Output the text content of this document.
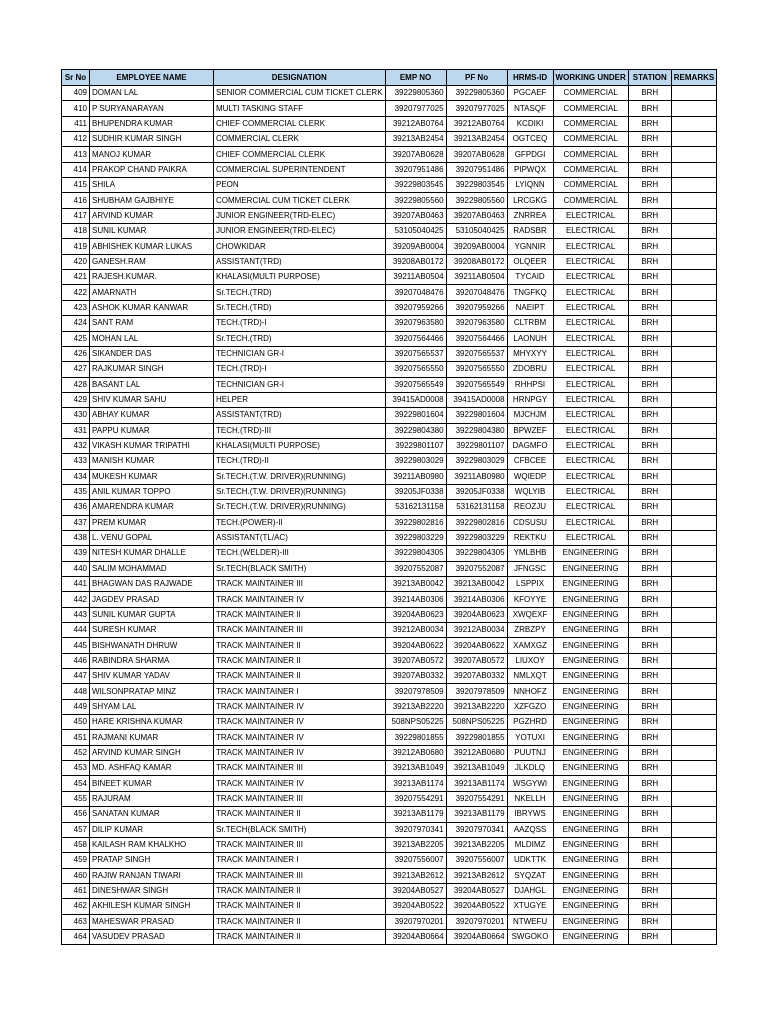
Sr No	EMPLOYEE NAME	DESIGNATION	EMP NO	PF No	HRMS-ID	WORKING UNDER	STATION	REMARKS
409	DOMAN LAL	SENIOR COMMERCIAL CUM TICKET CLERK	39229805360	39229805360	PGCAEF	COMMERCIAL	BRH	
410	P SURYANARAYAN	MULTI TASKING STAFF	39207977025	39207977025	NTASQF	COMMERCIAL	BRH	
411	BHUPENDRA KUMAR	CHIEF COMMERCIAL CLERK	39212AB0764	39212AB0764	KCDIKI	COMMERCIAL	BRH	
412	SUDHIR KUMAR SINGH	COMMERCIAL CLERK	39213AB2454	39213AB2454	OGTCEQ	COMMERCIAL	BRH	
413	MANOJ KUMAR	CHIEF COMMERCIAL CLERK	39207AB0628	39207AB0628	GFPDGI	COMMERCIAL	BRH	
414	PRAKOP CHAND PAIKRA	COMMERCIAL SUPERINTENDENT	39207951486	39207951486	PIPWQX	COMMERCIAL	BRH	
415	SHILA	PEON	39229803545	39229803545	LYIQNN	COMMERCIAL	BRH	
416	SHUBHAM GAJBHIYE	COMMERCIAL CUM TICKET CLERK	39229805560	39229805560	LRCGKG	COMMERCIAL	BRH	
417	ARVIND KUMAR	JUNIOR ENGINEER(TRD-ELEC)	39207AB0463	39207AB0463	ZNRREA	ELECTRICAL	BRH	
418	SUNIL KUMAR	JUNIOR ENGINEER(TRD-ELEC)	53105040425	53105040425	RADSBR	ELECTRICAL	BRH	
419	ABHISHEK KUMAR LUKAS	CHOWKIDAR	39209AB0004	39209AB0004	YGNNIR	ELECTRICAL	BRH	
420	GANESH.RAM	ASSISTANT(TRD)	39208AB0172	39208AB0172	OLQEER	ELECTRICAL	BRH	
421	RAJESH.KUMAR.	KHALASI(MULTI PURPOSE)	39211AB0504	39211AB0504	TYCAID	ELECTRICAL	BRH	
422	AMARNATH	Sr.TECH.(TRD)	39207048476	39207048476	TNGFKQ	ELECTRICAL	BRH	
423	ASHOK KUMAR KANWAR	Sr.TECH.(TRD)	39207959266	39207959266	NAEIPT	ELECTRICAL	BRH	
424	SANT RAM	TECH.(TRD)-I	39207963580	39207963580	CLTRBM	ELECTRICAL	BRH	
425	MOHAN LAL	Sr.TECH.(TRD)	39207564466	39207564466	LAONUH	ELECTRICAL	BRH	
426	SIKANDER DAS	TECHNICIAN GR-I	39207565537	39207565537	MHYXYY	ELECTRICAL	BRH	
427	RAJKUMAR SINGH	TECH.(TRD)-I	39207565550	39207565550	ZDOBRU	ELECTRICAL	BRH	
428	BASANT LAL	TECHNICIAN GR-I	39207565549	39207565549	RHHPSI	ELECTRICAL	BRH	
429	SHIV KUMAR SAHU	HELPER	39415AD0008	39415AD0008	HRNPGY	ELECTRICAL	BRH	
430	ABHAY KUMAR	ASSISTANT(TRD)	39229801604	39229801604	MJCHJM	ELECTRICAL	BRH	
431	PAPPU KUMAR	TECH.(TRD)-III	39229804380	39229804380	BPWZEF	ELECTRICAL	BRH	
432	VIKASH KUMAR TRIPATHI	KHALASI(MULTI PURPOSE)	39229801107	39229801107	DAGMFO	ELECTRICAL	BRH	
433	MANISH KUMAR	TECH.(TRD)-II	39229803029	39229803029	CFBCEE	ELECTRICAL	BRH	
434	MUKESH KUMAR	Sr.TECH.(T.W. DRIVER)(RUNNING)	39211AB0980	39211AB0980	WQIEDP	ELECTRICAL	BRH	
435	ANIL KUMAR TOPPO	Sr.TECH.(T.W. DRIVER)(RUNNING)	39205JF0338	39205JF0338	WQLYIB	ELECTRICAL	BRH	
436	AMARENDRA KUMAR	Sr.TECH.(T.W. DRIVER)(RUNNING)	53162131158	53162131158	REOZJU	ELECTRICAL	BRH	
437	PREM KUMAR	TECH.(POWER)-II	39229802816	39229802816	CDSUSU	ELECTRICAL	BRH	
438	L. VENU GOPAL	ASSISTANT(TL/AC)	39229803229	39229803229	REKTKU	ELECTRICAL	BRH	
439	NITESH KUMAR DHALLE	TECH.(WELDER)-III	39229804305	39229804305	YMLBHB	ENGINEERING	BRH	
440	SALIM MOHAMMAD	Sr.TECH(BLACK SMITH)	39207552087	39207552087	JFNGSC	ENGINEERING	BRH	
441	BHAGWAN DAS RAJWADE	TRACK MAINTAINER III	39213AB0042	39213AB0042	LSPPIX	ENGINEERING	BRH	
442	JAGDEV PRASAD	TRACK MAINTAINER IV	39214AB0306	39214AB0306	KFOYYE	ENGINEERING	BRH	
443	SUNIL KUMAR GUPTA	TRACK MAINTAINER II	39204AB0623	39204AB0623	XWQEXF	ENGINEERING	BRH	
444	SURESH KUMAR	TRACK MAINTAINER III	39212AB0034	39212AB0034	ZRBZPY	ENGINEERING	BRH	
445	BISHWANATH DHRUW	TRACK MAINTAINER II	39204AB0622	39204AB0622	XAMXGZ	ENGINEERING	BRH	
446	RABINDRA SHARMA	TRACK MAINTAINER II	39207AB0572	39207AB0572	LIUXOY	ENGINEERING	BRH	
447	SHIV KUMAR YADAV	TRACK MAINTAINER II	39207AB0332	39207AB0332	NMLXQT	ENGINEERING	BRH	
448	WILSONPRATAP MINZ	TRACK MAINTAINER I	39207978509	39207978509	NNHOFZ	ENGINEERING	BRH	
449	SHYAM LAL	TRACK MAINTAINER IV	39213AB2220	39213AB2220	XZFGZO	ENGINEERING	BRH	
450	HARE KRISHNA KUMAR	TRACK MAINTAINER IV	508NPS05225	508NPS05225	PGZHRD	ENGINEERING	BRH	
451	RAJMANI KUMAR	TRACK MAINTAINER IV	39229801855	39229801855	YOTUXI	ENGINEERING	BRH	
452	ARVIND KUMAR SINGH	TRACK MAINTAINER IV	39212AB0680	39212AB0680	PUUTNJ	ENGINEERING	BRH	
453	MD. ASHFAQ KAMAR	TRACK MAINTAINER III	39213AB1049	39213AB1049	JLKDLQ	ENGINEERING	BRH	
454	BINEET KUMAR	TRACK MAINTAINER IV	39213AB1174	39213AB1174	WSGYWI	ENGINEERING	BRH	
455	RAJURAM	TRACK MAINTAINER III	39207554291	39207554291	NKELLH	ENGINEERING	BRH	
456	SANATAN KUMAR	TRACK MAINTAINER II	39213AB1179	39213AB1179	IBRYWS	ENGINEERING	BRH	
457	DILIP KUMAR	Sr.TECH(BLACK SMITH)	39207970341	39207970341	AAZQSS	ENGINEERING	BRH	
458	KAILASH RAM KHALKHO	TRACK MAINTAINER III	39213AB2205	39213AB2205	MLDIMZ	ENGINEERING	BRH	
459	PRATAP SINGH	TRACK MAINTAINER I	39207556007	39207556007	UDKTTK	ENGINEERING	BRH	
460	RAJIW RANJAN TIWARI	TRACK MAINTAINER III	39213AB2612	39213AB2612	SYQZAT	ENGINEERING	BRH	
461	DINESHWAR SINGH	TRACK MAINTAINER II	39204AB0527	39204AB0527	DJAHGL	ENGINEERING	BRH	
462	AKHILESH KUMAR SINGH	TRACK MAINTAINER II	39204AB0522	39204AB0522	XTUGYE	ENGINEERING	BRH	
463	MAHESWAR PRASAD	TRACK MAINTAINER II	39207970201	39207970201	NTWEFU	ENGINEERING	BRH	
464	VASUDEV PRASAD	TRACK MAINTAINER II	39204AB0664	39204AB0664	SWGOKO	ENGINEERING	BRH	
